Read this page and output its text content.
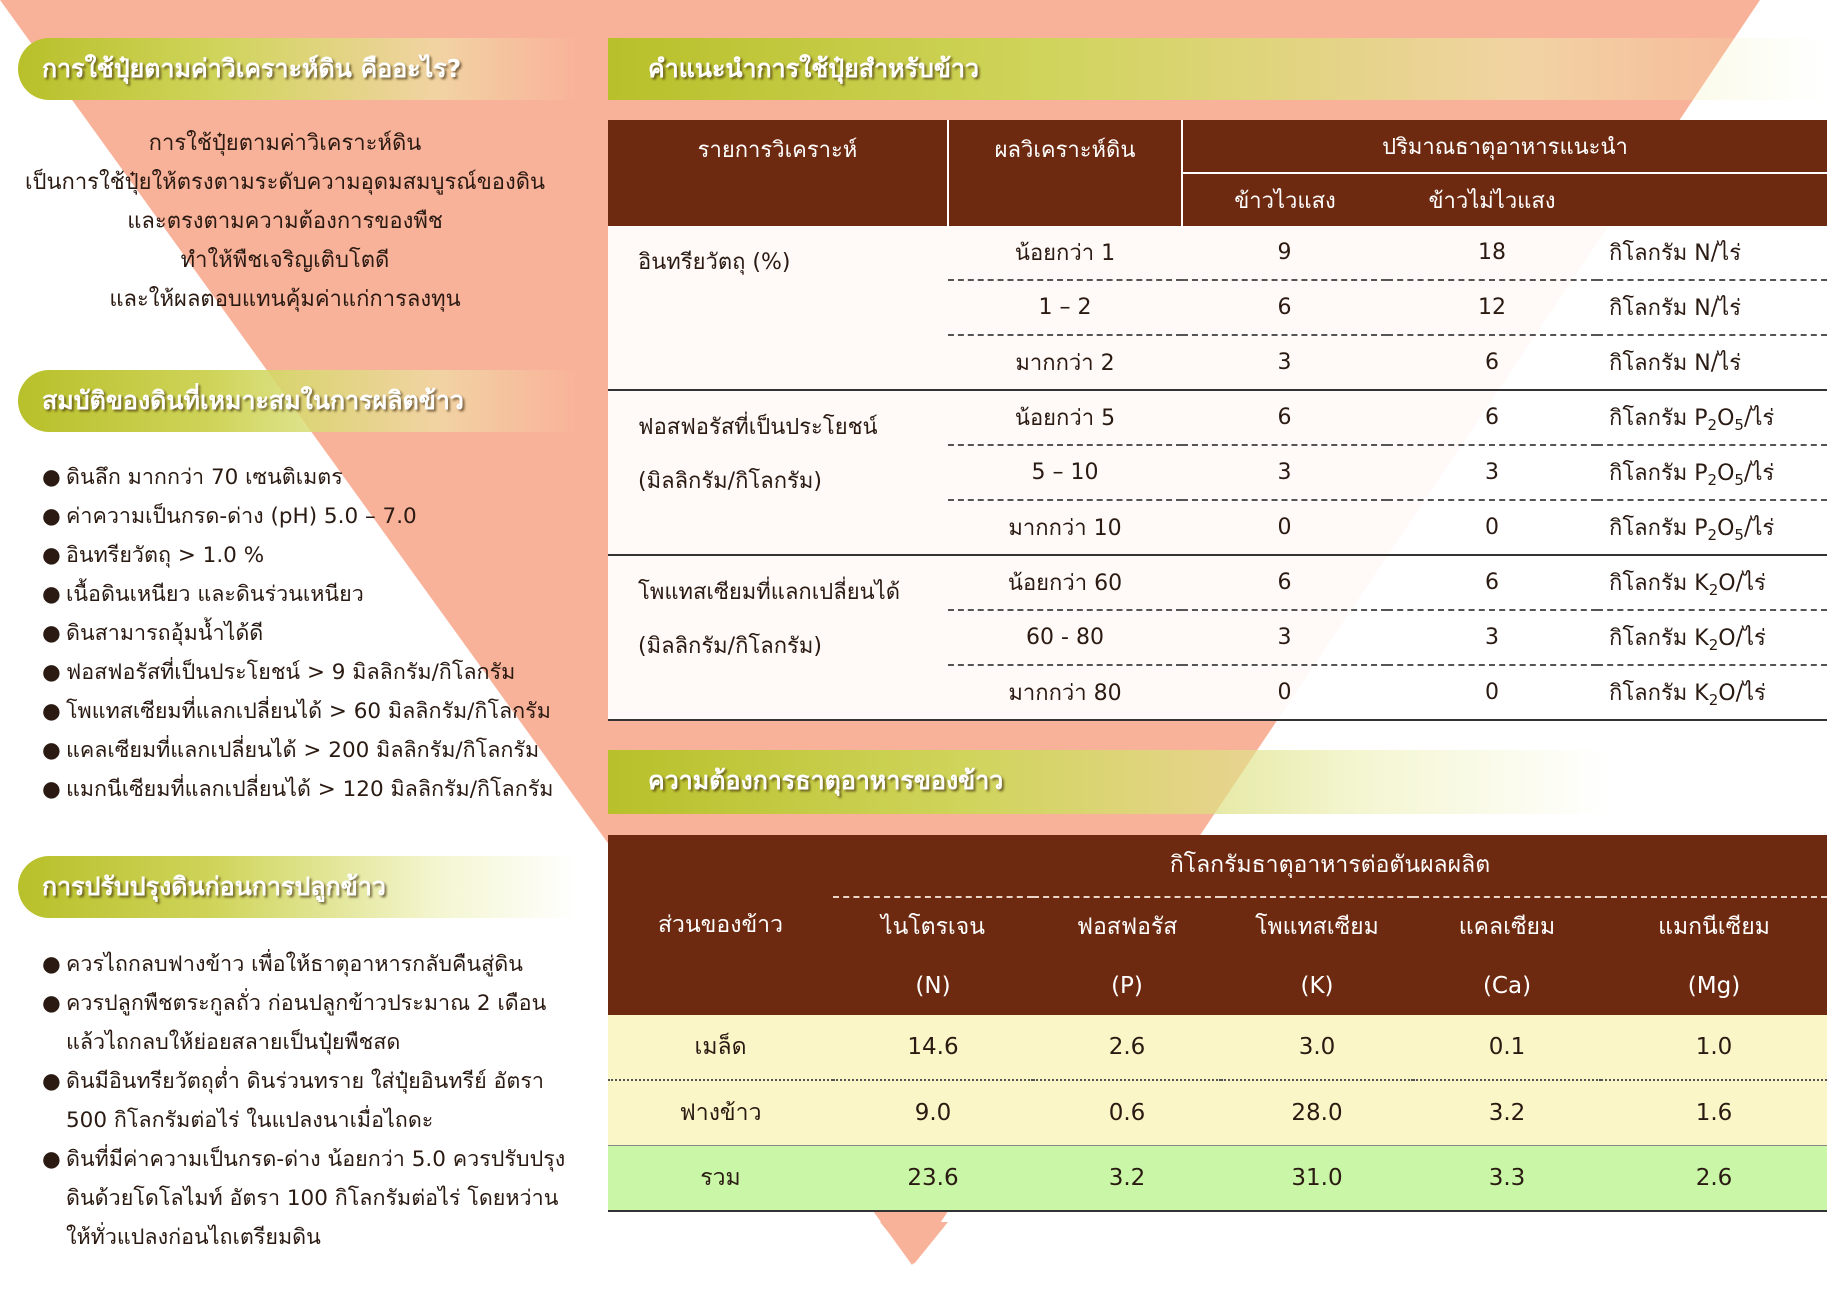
การใช้ปุ๋ยตามค่าวิเคราะห์ดิน คืออะไร?
การใช้ปุ๋ยตามค่าวิเคราะห์ดิน
เป็นการใช้ปุ๋ยให้ตรงตามระดับความอุดมสมบูรณ์ของดิน
และตรงตามความต้องการของพืช
ทำให้พืชเจริญเติบโตดี
และให้ผลตอบแทนคุ้มค่าแก่การลงทุน
สมบัติของดินที่เหมาะสมในการผลิตข้าว
● ดินลึก มากกว่า 70 เซนติเมตร
● ค่าความเป็นกรด-ด่าง (pH) 5.0 – 7.0
● อินทรียวัตถุ > 1.0 %
● เนื้อดินเหนียว และดินร่วนเหนียว
● ดินสามารถอุ้มน้ำได้ดี
● ฟอสฟอรัสที่เป็นประโยชน์ > 9 มิลลิกรัม/กิโลกรัม
● โพแทสเซียมที่แลกเปลี่ยนได้ > 60 มิลลิกรัม/กิโลกรัม
● แคลเซียมที่แลกเปลี่ยนได้ > 200 มิลลิกรัม/กิโลกรัม
● แมกนีเซียมที่แลกเปลี่ยนได้ > 120 มิลลิกรัม/กิโลกรัม
การปรับปรุงดินก่อนการปลูกข้าว
● ควรไถกลบฟางข้าว เพื่อให้ธาตุอาหารกลับคืนสู่ดิน
● ควรปลูกพืชตระกูลถั่ว ก่อนปลูกข้าวประมาณ 2 เดือน แล้วไถกลบให้ย่อยสลายเป็นปุ๋ยพืชสด
● ดินมีอินทรียวัตถุต่ำ ดินร่วนทราย ใส่ปุ๋ยอินทรีย์ อัตรา 500 กิโลกรัมต่อไร่ ในแปลงนาเมื่อไถดะ
● ดินที่มีค่าความเป็นกรด-ด่าง น้อยกว่า 5.0 ควรปรับปรุงดินด้วยโดโลไมท์ อัตรา 100 กิโลกรัมต่อไร่ โดยหว่านให้ทั่วแปลงก่อนไถเตรียมดิน
คำแนะนำการใช้ปุ๋ยสำหรับข้าว
รายการวิเคราะห์	ผลวิเคราะห์ดิน	ปริมาณธาตุอาหารแนะนำ		
		ข้าวไวแสง	ข้าวไม่ไวแสง	

อินทรียวัตถุ (%)	น้อยกว่า 1	9	18	กิโลกรัม N/ไร่
	1 – 2	6	12	กิโลกรัม N/ไร่
	มากกว่า 2	3	6	กิโลกรัม N/ไร่

ฟอสฟอรัสที่เป็นประโยชน์
(มิลลิกรัม/กิโลกรัม)	น้อยกว่า 5	6	6	กิโลกรัม $P_2O_5/$ไร่
	5 – 10	3	3	กิโลกรัม $P_2O_5/$ไร่
	มากกว่า 10	0	0	กิโลกรัม $P_2O_5/$ไร่

โพแทสเซียมที่แลกเปลี่ยนได้
(มิลลิกรัม/กิโลกรัม)	น้อยกว่า 60	6	6	กิโลกรัม $K_2O/$ไร่
	60 - 80	3	3	กิโลกรัม $K_2O/$ไร่
	มากกว่า 80	0	0	กิโลกรัม $K_2O/$ไร่
ความต้องการธาตุอาหารของข้าว
ส่วนของข้าว	กิโลกรัมธาตุอาหารต่อตันผลผลิต				
	ไนโตรเจน	ฟอสฟอรัส	โพแทสเซียม	แคลเซียม	แมกนีเซียม
	(N)	(P)	(K)	(Ca)	(Mg)
เมล็ด	14.6	2.6	3.0	0.1	1.0
ฟางข้าว	9.0	0.6	28.0	3.2	1.6
รวม	23.6	3.2	31.0	3.3	2.6
